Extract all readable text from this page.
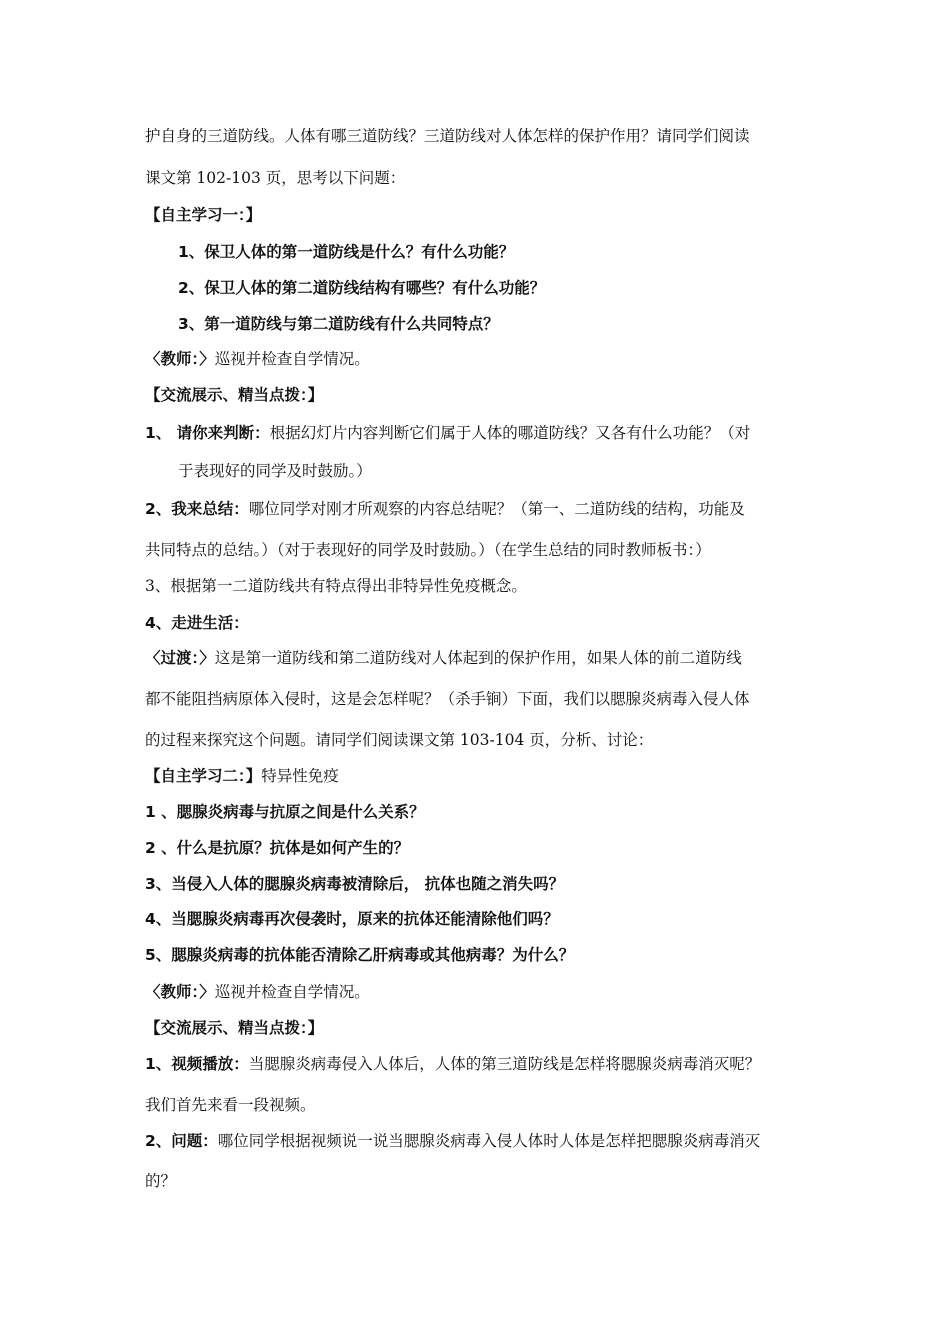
护自身的三道防线。人体有哪三道防线？三道防线对人体怎样的保护作用？请同学们阅读
课文第 102-103 页，思考以下问题：
【自主学习一：】
1、保卫人体的第一道防线是什么？有什么功能？
2、保卫人体的第二道防线结构有哪些？有什么功能？
3、第一道防线与第二道防线有什么共同特点？
〈教师：〉巡视并检查自学情况。
【交流展示、精当点拨：】
1、 请你来判断：根据幻灯片内容判断它们属于人体的哪道防线？又各有什么功能？（对
于表现好的同学及时鼓励。）
2、我来总结：哪位同学对刚才所观察的内容总结呢？（第一、二道防线的结构，功能及
共同特点的总结。）（对于表现好的同学及时鼓励。）（在学生总结的同时教师板书：）
3、根据第一二道防线共有特点得出非特异性免疫概念。
4、走进生活：
〈过渡：〉这是第一道防线和第二道防线对人体起到的保护作用，如果人体的前二道防线
都不能阻挡病原体入侵时，这是会怎样呢？（杀手锏）下面，我们以腮腺炎病毒入侵人体
的过程来探究这个问题。请同学们阅读课文第 103-104 页，分析、讨论：
【自主学习二：】特异性免疫
1 、腮腺炎病毒与抗原之间是什么关系？
2 、什么是抗原？抗体是如何产生的？
3、当侵入人体的腮腺炎病毒被清除后， 抗体也随之消失吗？
4、当腮腺炎病毒再次侵袭时，原来的抗体还能清除他们吗？
5、腮腺炎病毒的抗体能否清除乙肝病毒或其他病毒？为什么？
〈教师：〉巡视并检查自学情况。
【交流展示、精当点拨：】
1、视频播放：当腮腺炎病毒侵入人体后，人体的第三道防线是怎样将腮腺炎病毒消灭呢？
我们首先来看一段视频。
2、问题：哪位同学根据视频说一说当腮腺炎病毒入侵人体时人体是怎样把腮腺炎病毒消灭
的？
